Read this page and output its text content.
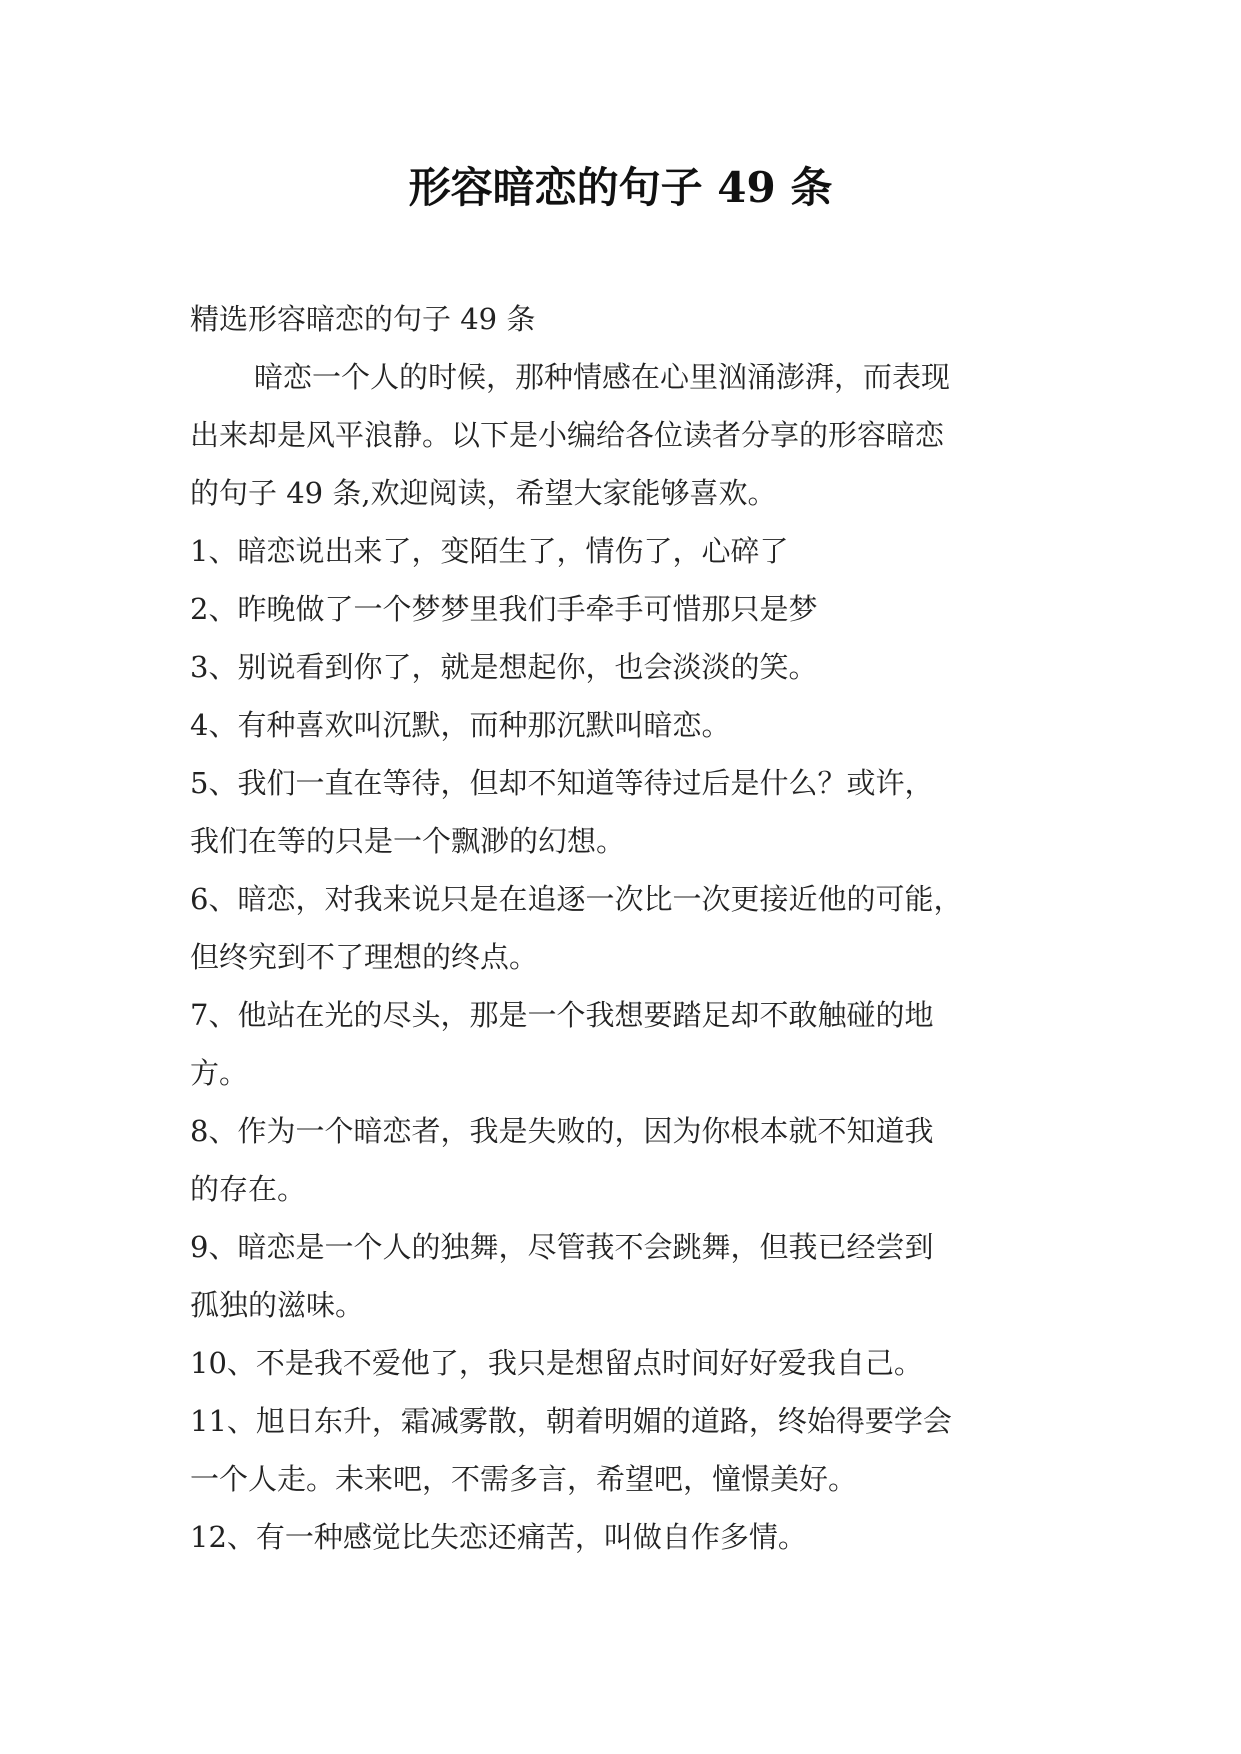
形容暗恋的句子 49 条

精选形容暗恋的句子 49 条

暗恋一个人的时候，那种情感在心里汹涌澎湃，而表现

出来却是风平浪静。以下是小编给各位读者分享的形容暗恋

的句子 49 条,欢迎阅读，希望大家能够喜欢。

1、暗恋说出来了，变陌生了，情伤了，心碎了

2、昨晚做了一个梦梦里我们手牵手可惜那只是梦

3、别说看到你了，就是想起你，也会淡淡的笑。

4、有种喜欢叫沉默，而种那沉默叫暗恋。

5、我们一直在等待，但却不知道等待过后是什么？或许，

我们在等的只是一个飘渺的幻想。

6、暗恋，对我来说只是在追逐一次比一次更接近他的可能，

但终究到不了理想的终点。

7、他站在光的尽头，那是一个我想要踏足却不敢触碰的地

方。

8、作为一个暗恋者，我是失败的，因为你根本就不知道我

的存在。

9、暗恋是一个人的独舞，尽管莪不会跳舞，但莪已经尝到

孤独的滋味。

10、不是我不爱他了，我只是想留点时间好好爱我自己。

11、旭日东升，霜减雾散，朝着明媚的道路，终始得要学会

一个人走。未来吧，不需多言，希望吧，憧憬美好。

12、有一种感觉比失恋还痛苦，叫做自作多情。
